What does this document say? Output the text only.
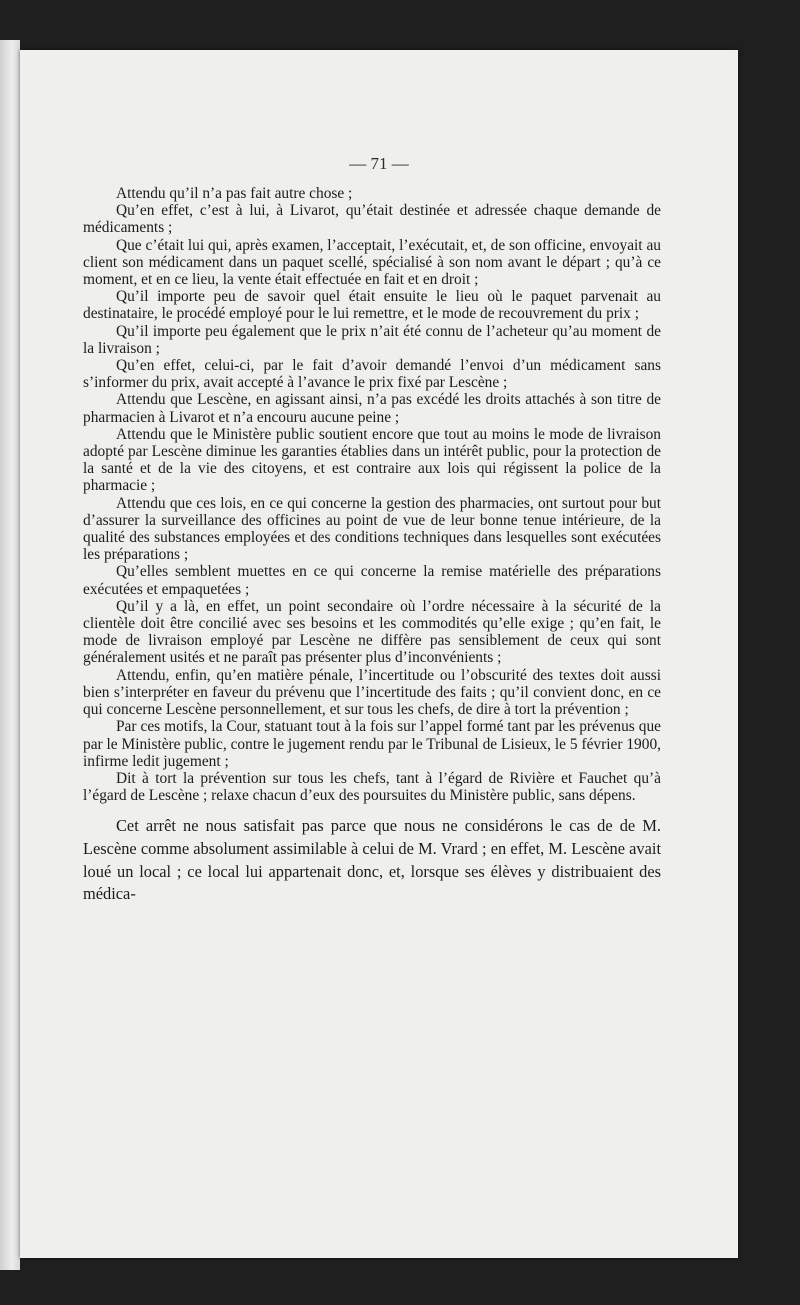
— 71 —

Attendu qu’il n’a pas fait autre chose ;

Qu’en effet, c’est à lui, à Livarot, qu’était destinée et adressée chaque demande de médicaments ;

Que c’était lui qui, après examen, l’acceptait, l’exécutait, et, de son officine, envoyait au client son médicament dans un paquet scellé, spécialisé à son nom avant le départ ; qu’à ce moment, et en ce lieu, la vente était effectuée en fait et en droit ;

Qu’il importe peu de savoir quel était ensuite le lieu où le paquet parvenait au destinataire, le procédé employé pour le lui remettre, et le mode de recouvrement du prix ;

Qu’il importe peu également que le prix n’ait été connu de l’acheteur qu’au moment de la livraison ;

Qu’en effet, celui-ci, par le fait d’avoir demandé l’envoi d’un médicament sans s’informer du prix, avait accepté à l’avance le prix fixé par Lescène ;

Attendu que Lescène, en agissant ainsi, n’a pas excédé les droits attachés à son titre de pharmacien à Livarot et n’a encouru aucune peine ;

Attendu que le Ministère public soutient encore que tout au moins le mode de livraison adopté par Lescène diminue les garanties établies dans un intérêt public, pour la protection de la santé et de la vie des citoyens, et est contraire aux lois qui régissent la police de la pharmacie ;

Attendu que ces lois, en ce qui concerne la gestion des pharmacies, ont surtout pour but d’assurer la surveillance des officines au point de vue de leur bonne tenue intérieure, de la qualité des substances employées et des conditions techniques dans lesquelles sont exécutées les préparations ;

Qu’elles semblent muettes en ce qui concerne la remise matérielle des préparations exécutées et empaquetées ;

Qu’il y a là, en effet, un point secondaire où l’ordre nécessaire à la sécurité de la clientèle doit être concilié avec ses besoins et les commodités qu’elle exige ; qu’en fait, le mode de livraison employé par Lescène ne diffère pas sensiblement de ceux qui sont généralement usités et ne paraît pas présenter plus d’inconvénients ;

Attendu, enfin, qu’en matière pénale, l’incertitude ou l’obscurité des textes doit aussi bien s’interpréter en faveur du prévenu que l’incertitude des faits ; qu’il convient donc, en ce qui concerne Lescène personnellement, et sur tous les chefs, de dire à tort la prévention ;

Par ces motifs, la Cour, statuant tout à la fois sur l’appel formé tant par les prévenus que par le Ministère public, contre le jugement rendu par le Tribunal de Lisieux, le 5 février 1900, infirme ledit jugement ;

Dit à tort la prévention sur tous les chefs, tant à l’égard de Rivière et Fauchet qu’à l’égard de Lescène ; relaxe chacun d’eux des poursuites du Ministère public, sans dépens.

Cet arrêt ne nous satisfait pas parce que nous ne considérons le cas de de M. Lescène comme absolument assimilable à celui de M. Vrard ; en effet, M. Lescène avait loué un local ; ce local lui appartenait donc, et, lorsque ses élèves y distribuaient des médica-
